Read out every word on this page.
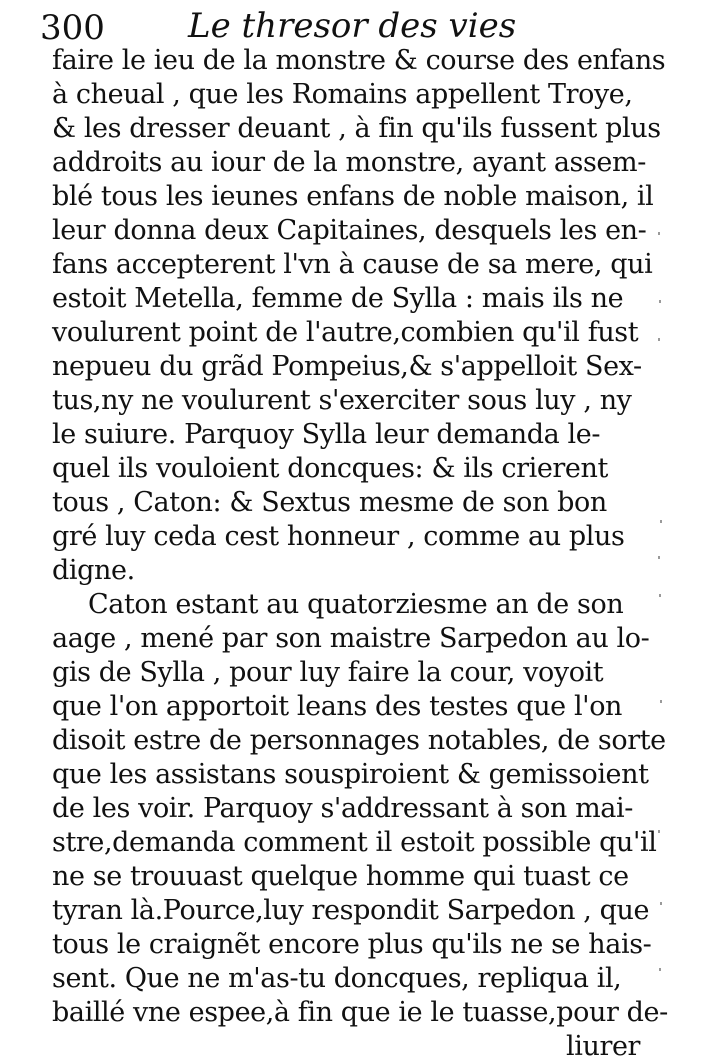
300 Le thresor des vies
faire le ieu de la monstre & course des enfans
à cheual , que les Romains appellent Troye,
& les dresser deuant , à fin qu'ils fussent plus
addroits au iour de la monstre, ayant assem-
blé tous les ieunes enfans de noble maison, il
leur donna deux Capitaines, desquels les en-
fans accepterent l'vn à cause de sa mere, qui
estoit Metella, femme de Sylla : mais ils ne
voulurent point de l'autre,combien qu'il fust
nepueu du grãd Pompeius,& s'appelloit Sex-
tus,ny ne voulurent s'exerciter sous luy , ny
le suiure. Parquoy Sylla leur demanda le-
quel ils vouloient doncques: & ils crierent
tous , Caton: & Sextus mesme de son bon
gré luy ceda cest honneur , comme au plus
digne.
Caton estant au quatorziesme an de son
aage , mené par son maistre Sarpedon au lo-
gis de Sylla , pour luy faire la cour, voyoit
que l'on apportoit leans des testes que l'on
disoit estre de personnages notables, de sorte
que les assistans souspiroient & gemissoient
de les voir. Parquoy s'addressant à son mai-
stre,demanda comment il estoit possible qu'il
ne se trouuast quelque homme qui tuast ce
tyran là.Pource,luy respondit Sarpedon , que
tous le craignẽt encore plus qu'ils ne se hais-
sent. Que ne m'as-tu doncques, repliqua il,
baillé vne espee,à fin que ie le tuasse,pour de-
liurer
